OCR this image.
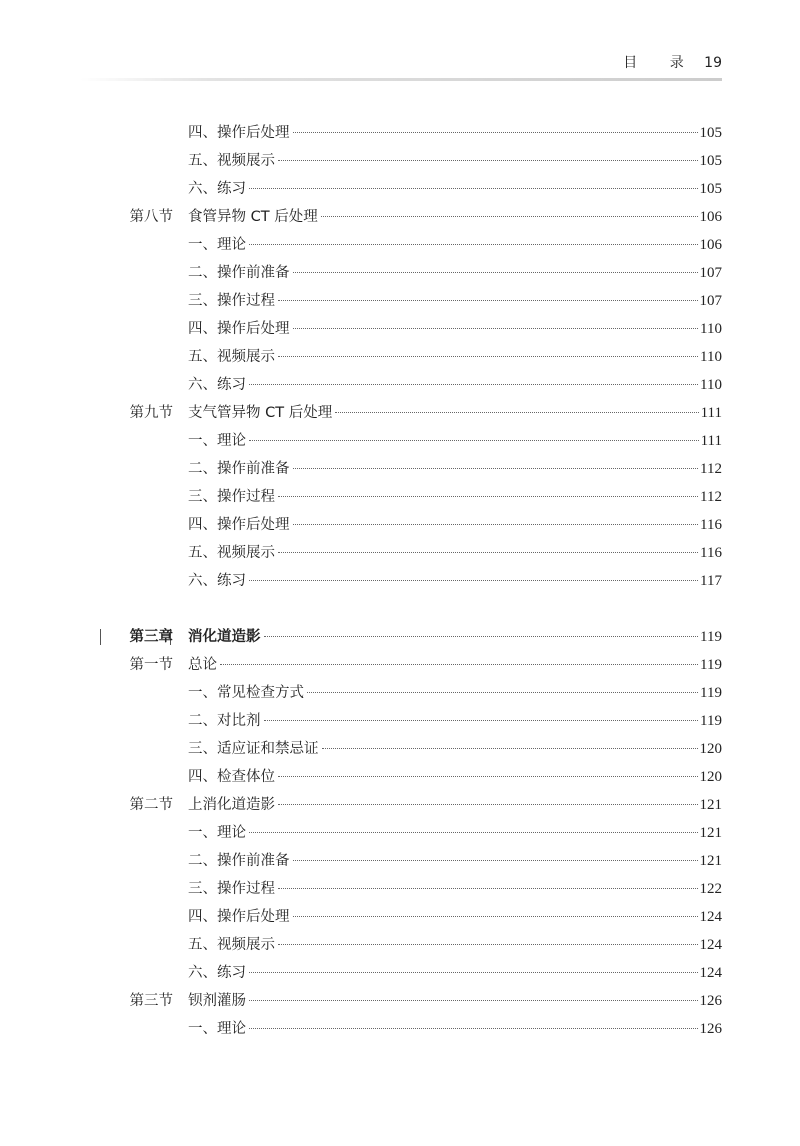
目 录 19
四、操作后处理	105
五、视频展示	105
六、练习	105
第八节 食管异物 CT 后处理	106
一、理论	106
二、操作前准备	107
三、操作过程	107
四、操作后处理	110
五、视频展示	110
六、练习	110
第九节 支气管异物 CT 后处理	111
一、理论	111
二、操作前准备	112
三、操作过程	112
四、操作后处理	116
五、视频展示	116
六、练习	117
第三章 消化道造影	119
第一节 总论	119
一、常见检查方式	119
二、对比剂	119
三、适应证和禁忌证	120
四、检查体位	120
第二节 上消化道造影	121
一、理论	121
二、操作前准备	121
三、操作过程	122
四、操作后处理	124
五、视频展示	124
六、练习	124
第三节 钡剂灌肠	126
一、理论	126
